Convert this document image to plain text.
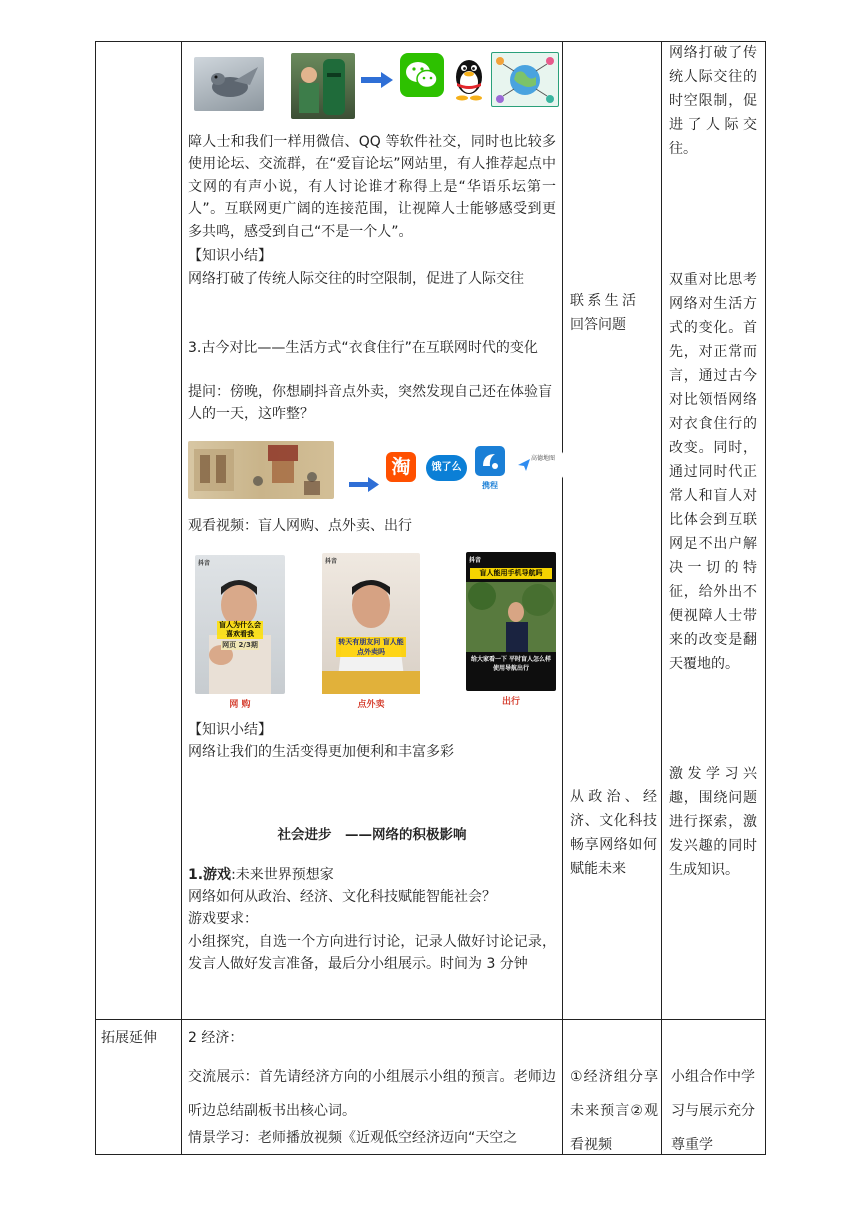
网络打破了传统人际交往的时空限制，促进了人际交往。
双重对比思考网络对生活方式的变化。首先，对正常而言，通过古今对比领悟网络对衣食住行的改变。同时，通过同时代正常人和盲人对比体会到互联网足不出户解决一切的特征，给外出不便视障人士带来的改变是翻天覆地的。
激发学习兴趣，围绕问题进行探索，激发兴趣的同时生成知识。
联系生活回答问题
从政治、经济、文化科技畅享网络如何赋能未来
障人士和我们一样用微信、QQ 等软件社交，同时也比较多使用论坛、交流群，在“爱盲论坛”网站里，有人推荐起点中文网的有声小说，有人讨论谁才称得上是“华语乐坛第一人”。互联网更广阔的连接范围，让视障人士能够感受到更多共鸣，感受到自己“不是一个人”。
【知识小结】
网络打破了传统人际交往的时空限制，促进了人际交往
3.古今对比——生活方式“衣食住行”在互联网时代的变化
提问：傍晚，你想刷抖音点外卖，突然发现自己还在体验盲人的一天，这咋整？
淘	饿了么
携程
高德地图
观看视频：盲人网购、点外卖、出行
抖音
盲人为什么会喜欢看我
网页 2/3期
网 购
抖音
转天有朋友问 盲人能点外卖吗
点外卖
抖音
盲人能用手机导航吗
给大家看一下 平时盲人怎么样使用导航出行
出行
【知识小结】
网络让我们的生活变得更加便利和丰富多彩
社会进步　——网络的积极影响
1.游戏:未来世界预想家
网络如何从政治、经济、文化科技赋能智能社会？
游戏要求：
小组探究，自选一个方向进行讨论，记录人做好讨论记录，发言人做好发言准备，最后分小组展示。时间为 3 分钟
拓展延伸	2 经济：
交流展示：首先请经济方向的小组展示小组的预言。老师边听边总结副板书出核心词。
情景学习：老师播放视频《近观低空经济迈向“天空之
①经济组分享未来预言②观看视频
小组合作中学习与展示充分尊重学
